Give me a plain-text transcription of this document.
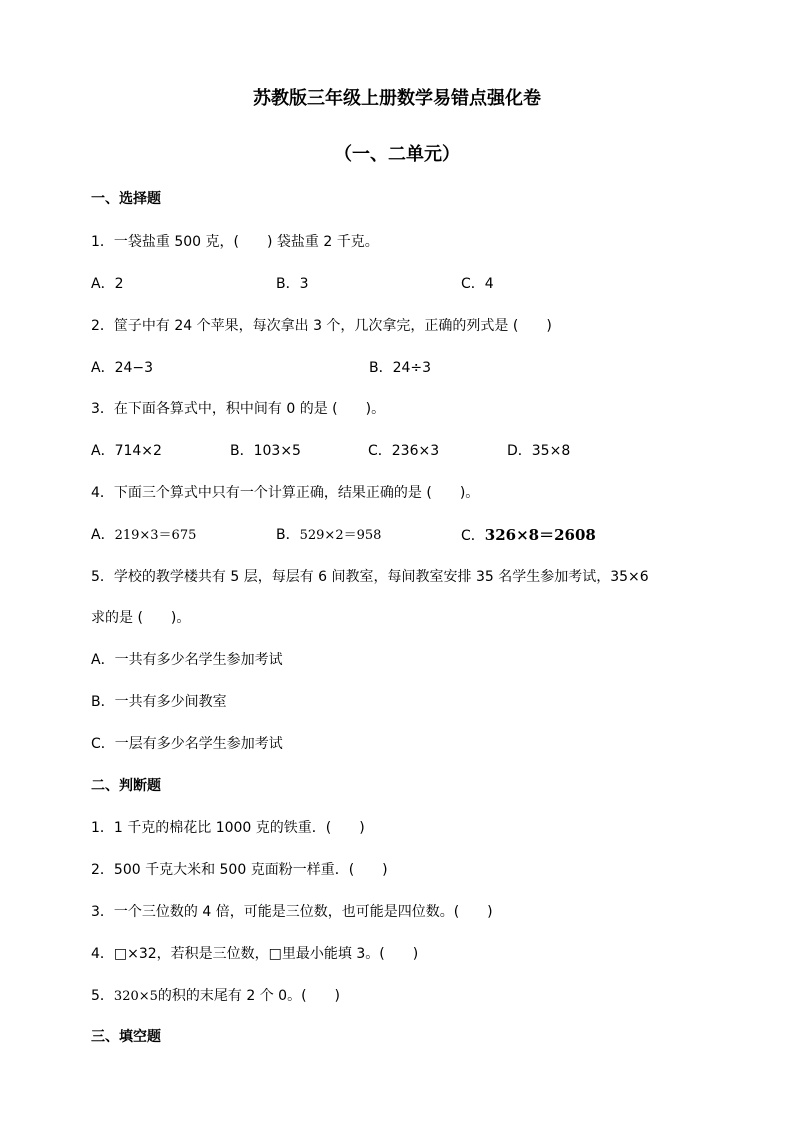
苏教版三年级上册数学易错点强化卷
（一、二单元）
一、选择题
1．一袋盐重 500 克，(　　) 袋盐重 2 千克。
A．2	B．3	C．4
2．筐子中有 24 个苹果，每次拿出 3 个，几次拿完，正确的列式是 (　　)
A．24−3	B．24÷3
3．在下面各算式中，积中间有 0 的是 (　　)。
A．714×2	B．103×5	C．236×3	D．35×8
4．下面三个算式中只有一个计算正确，结果正确的是 (　　)。
A．219×3＝675	B．529×2＝958	C．326×8＝2608
5．学校的教学楼共有 5 层，每层有 6 间教室，每间教室安排 35 名学生参加考试，35×6
求的是 (　　)。
A．一共有多少名学生参加考试
B．一共有多少间教室
C．一层有多少名学生参加考试
二、判断题
1．1 千克的棉花比 1000 克的铁重．(　　)
2．500 千克大米和 500 克面粉一样重．(　　)
3．一个三位数的 4 倍，可能是三位数，也可能是四位数。(　　)
4．□×32，若积是三位数，□里最小能填 3。(　　)
5．320×5的积的末尾有 2 个 0。(　　)
三、填空题
